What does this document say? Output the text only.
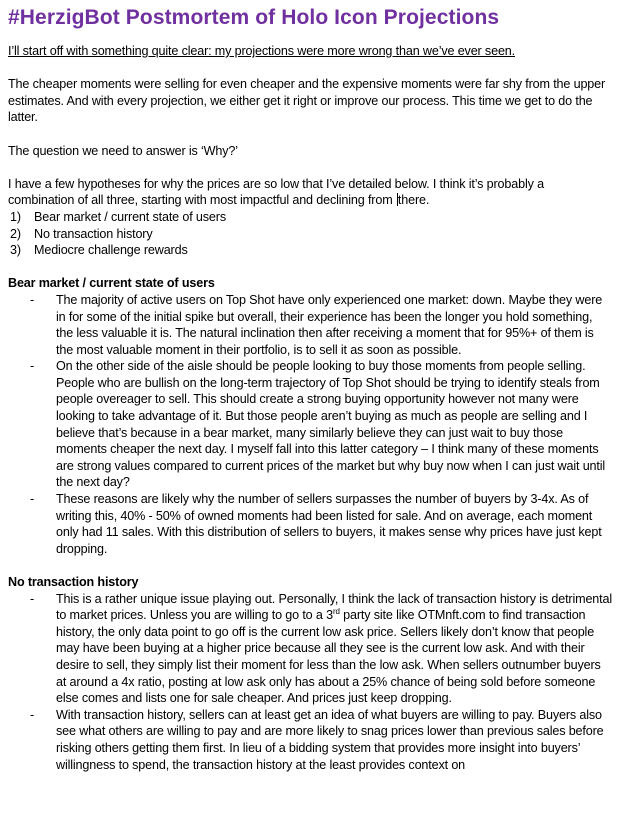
#HerzigBot Postmortem of Holo Icon Projections

I’ll start off with something quite clear: my projections were more wrong than we’ve ever seen.

The cheaper moments were selling for even cheaper and the expensive moments were far shy from the upper estimates. And with every projection, we either get it right or improve our process. This time we get to do the latter.

The question we need to answer is ‘Why?’

I have a few hypotheses for why the prices are so low that I’ve detailed below. I think it’s probably a combination of all three, starting with most impactful and declining from there.

1)	Bear market / current state of users
2)	No transaction history
3)	Mediocre challenge rewards
Bear market / current state of users
-	The majority of active users on Top Shot have only experienced one market: down. Maybe they were in for some of the initial spike but overall, their experience has been the longer you hold something, the less valuable it is. The natural inclination then after receiving a moment that for 95%+ of them is the most valuable moment in their portfolio, is to sell it as soon as possible.
-	On the other side of the aisle should be people looking to buy those moments from people selling. People who are bullish on the long-term trajectory of Top Shot should be trying to identify steals from people overeager to sell. This should create a strong buying opportunity however not many were looking to take advantage of it. But those people aren’t buying as much as people are selling and I believe that’s because in a bear market, many similarly believe they can just wait to buy those moments cheaper the next day. I myself fall into this latter category – I think many of these moments are strong values compared to current prices of the market but why buy now when I can just wait until the next day?
-	These reasons are likely why the number of sellers surpasses the number of buyers by 3-4x. As of writing this, 40% - 50% of owned moments had been listed for sale. And on average, each moment only had 11 sales. With this distribution of sellers to buyers, it makes sense why prices have just kept dropping.
No transaction history
-	This is a rather unique issue playing out. Personally, I think the lack of transaction history is detrimental to market prices. Unless you are willing to go to a 3rd party site like OTMnft.com to find transaction history, the only data point to go off is the current low ask price. Sellers likely don’t know that people may have been buying at a higher price because all they see is the current low ask. And with their desire to sell, they simply list their moment for less than the low ask. When sellers outnumber buyers at around a 4x ratio, posting at low ask only has about a 25% chance of being sold before someone else comes and lists one for sale cheaper. And prices just keep dropping.
-	With transaction history, sellers can at least get an idea of what buyers are willing to pay. Buyers also see what others are willing to pay and are more likely to snag prices lower than previous sales before risking others getting them first. In lieu of a bidding system that provides more insight into buyers’ willingness to spend, the transaction history at the least provides context on
